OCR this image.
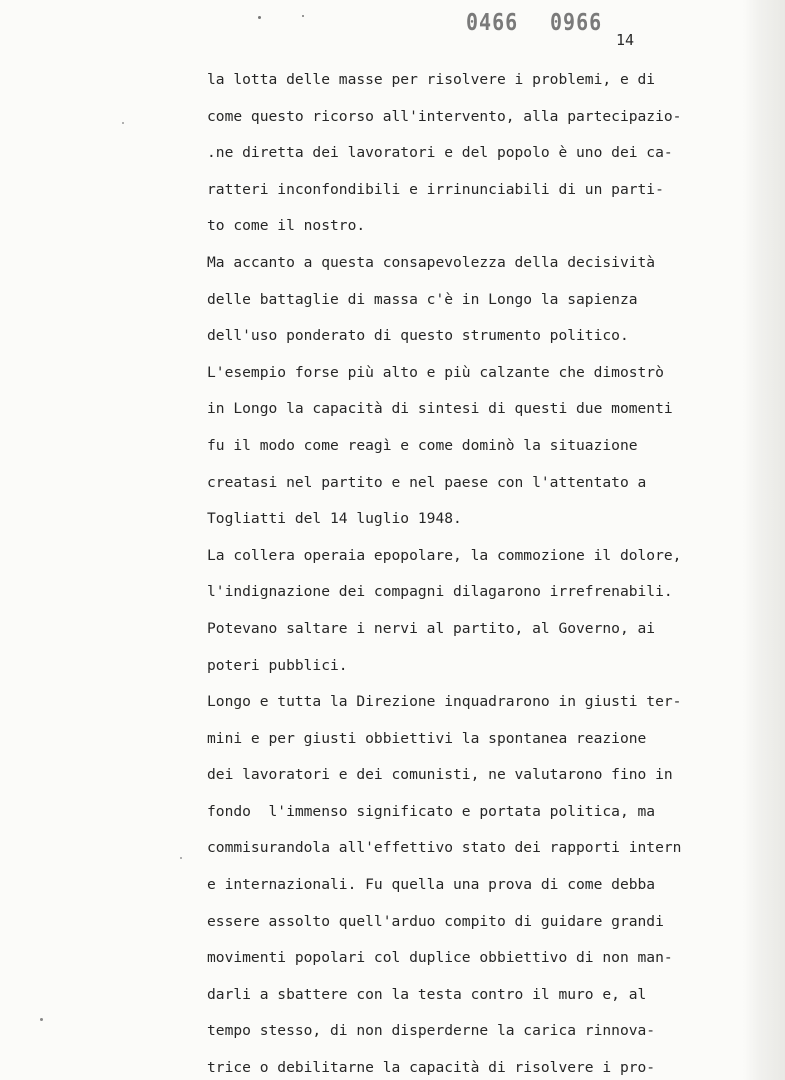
0466 0966
14
la lotta delle masse per risolvere i problemi, e di
come questo ricorso all'intervento, alla partecipazio-
.ne diretta dei lavoratori e del popolo è uno dei ca-
ratteri inconfondibili e irrinunciabili di un parti-
to come il nostro.
Ma accanto a questa consapevolezza della decisività
delle battaglie di massa c'è in Longo la sapienza
dell'uso ponderato di questo strumento politico.
L'esempio forse più alto e più calzante che dimostrò
in Longo la capacità di sintesi di questi due momenti
fu il modo come reagì e come dominò la situazione
creatasi nel partito e nel paese con l'attentato a
Togliatti del 14 luglio 1948.
La collera operaia epopolare, la commozione il dolore,
l'indignazione dei compagni dilagarono irrefrenabili.
Potevano saltare i nervi al partito, al Governo, ai
poteri pubblici.
Longo e tutta la Direzione inquadrarono in giusti ter-
mini e per giusti obbiettivi la spontanea reazione
dei lavoratori e dei comunisti, ne valutarono fino in
fondo  l'immenso significato e portata politica, ma
commisurandola all'effettivo stato dei rapporti intern
e internazionali. Fu quella una prova di come debba
essere assolto quell'arduo compito di guidare grandi
movimenti popolari col duplice obbiettivo di non man-
darli a sbattere con la testa contro il muro e, al
tempo stesso, di non disperderne la carica rinnova-
trice o debilitarne la capacità di risolvere i pro-
